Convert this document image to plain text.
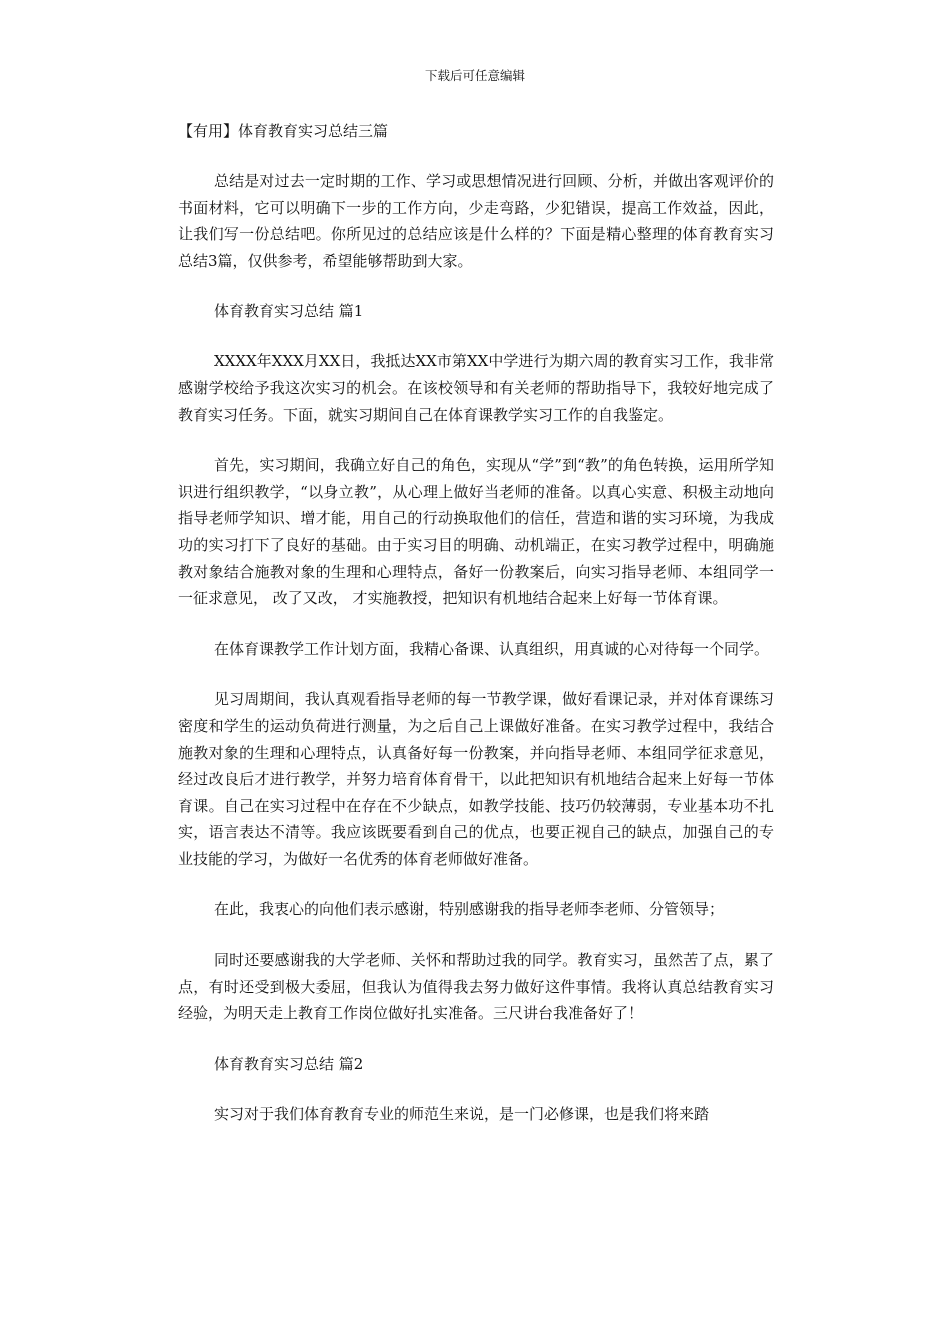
下载后可任意编辑
【有用】体育教育实习总结三篇

总结是对过去一定时期的工作、学习或思想情况进行回顾、分析，并做出客观评价的书面材料，它可以明确下一步的工作方向，少走弯路，少犯错误，提高工作效益，因此，让我们写一份总结吧。你所见过的总结应该是什么样的？下面是精心整理的体育教育实习总结3篇，仅供参考，希望能够帮助到大家。

体育教育实习总结 篇1

XXXX年XXX月XX日，我抵达XX市第XX中学进行为期六周的教育实习工作，我非常感谢学校给予我这次实习的机会。在该校领导和有关老师的帮助指导下，我较好地完成了教育实习任务。下面，就实习期间自己在体育课教学实习工作的自我鉴定。

首先，实习期间，我确立好自己的角色，实现从“学”到“教”的角色转换，运用所学知识进行组织教学，“以身立教”，从心理上做好当老师的准备。以真心实意、积极主动地向指导老师学知识、增才能，用自己的行动换取他们的信任，营造和谐的实习环境，为我成功的实习打下了良好的基础。由于实习目的明确、动机端正，在实习教学过程中，明确施教对象结合施教对象的生理和心理特点，备好一份教案后，向实习指导老师、本组同学一一征求意见， 改了又改， 才实施教授，把知识有机地结合起来上好每一节体育课。

在体育课教学工作计划方面，我精心备课、认真组织，用真诚的心对待每一个同学。

见习周期间，我认真观看指导老师的每一节教学课，做好看课记录，并对体育课练习密度和学生的运动负荷进行测量，为之后自己上课做好准备。在实习教学过程中，我结合施教对象的生理和心理特点，认真备好每一份教案，并向指导老师、本组同学征求意见，经过改良后才进行教学，并努力培育体育骨干，以此把知识有机地结合起来上好每一节体育课。自己在实习过程中在存在不少缺点，如教学技能、技巧仍较薄弱，专业基本功不扎实，语言表达不清等。我应该既要看到自己的优点，也要正视自己的缺点，加强自己的专业技能的学习，为做好一名优秀的体育老师做好准备。

在此，我衷心的向他们表示感谢，特别感谢我的指导老师李老师、分管领导；

同时还要感谢我的大学老师、关怀和帮助过我的同学。教育实习，虽然苦了点，累了点，有时还受到极大委屈，但我认为值得我去努力做好这件事情。我将认真总结教育实习经验，为明天走上教育工作岗位做好扎实准备。三尺讲台我准备好了！

体育教育实习总结 篇2

实习对于我们体育教育专业的师范生来说，是一门必修课，也是我们将来踏
